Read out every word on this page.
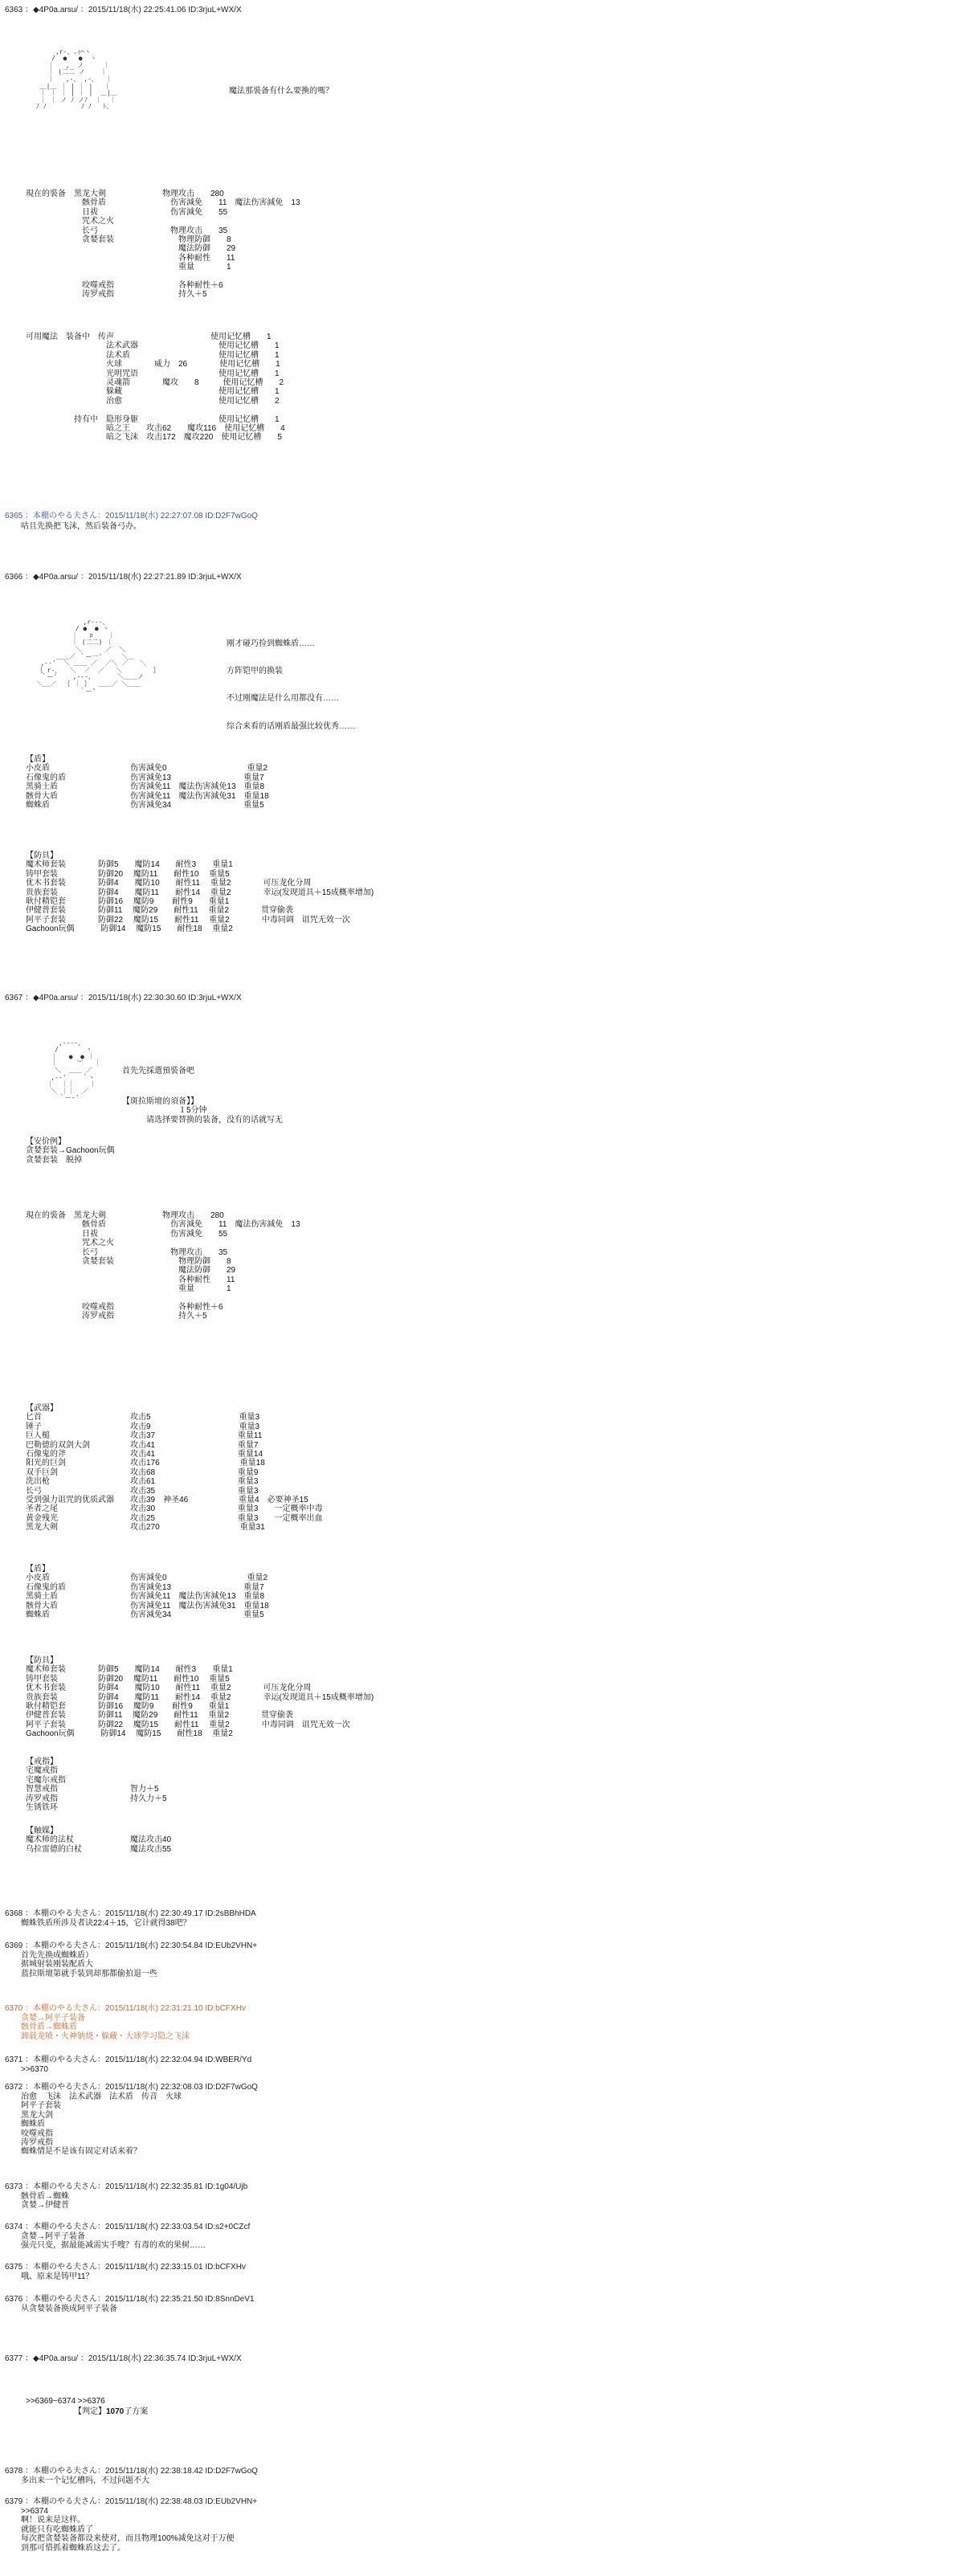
6363 ：◆4P0a.arsu/ ：2015/11/18(水) 22:25:41.06 ID:3rjuL+WX/X

,r-、.ｨ⌒ヽ
/  ●   ●  ヽ
｜   ,  ノ     ｜
｜ (二二 ノ    ｜
｜   ,-、 ,-、  ｜
＿|＿ ｜ | ｜ |   ｜
｜ ｜ ｜ | ｜ |  ＿|＿
｜ ｜ ノ ﾉ ノﾉ  ｜  ｜
ﾉ ﾉ         ﾉ ﾉ   ﾄ、

魔法那裝备有什么要換的嗎？
現在的裝备　黑龙大剣　　　　　　　物理攻击　　280
　　　　　　　骸骨盾　　　　　　　　伤害減免　　11　魔法伤害減免　13
　　　　　　　日祓　　　　　　　　　伤害減免　　55
　　　　　　　咒术之火
　　　　　　　长弓　　　　　　　　　物理攻击　　35
　　　　　　　贪婪套装　　　　　　　　物理防御　　8
　　　　　　　　　　　　　　　　　　　魔法防御　　29
　　　　　　　　　　　　　　　　　　　各种耐性　　11
　　　　　　　　　　　　　　　　　　　重量　　　　1

　　　　　　　咬噬戒指　　　　　　　　各种耐性＋6
　　　　　　　涛罗戒指　　　　　　　　持久＋5
可用魔法　装备中　传声　　　　　　　　　　　　使用记忆槽　　1
　　　　　　　　　　法术武器　　　　　　　　　　使用记忆槽　　1
　　　　　　　　　　法术盾　　　　　　　　　　　使用记忆槽　　1
　　　　　　　　　　火球　　　　威力　26　　　　使用记忆槽　　1
　　　　　　　　　　光明咒语　　　　　　　　　　使用记忆槽　　1
　　　　　　　　　　灵魂箭　　　　魔攻　　8　　　使用记忆槽　　2
　　　　　　　　　　躲藏　　　　　　　　　　　　使用记忆槽　　1
　　　　　　　　　　治愈　　　　　　　　　　　　使用记忆槽　　2

　　　　　　持有中　隐形身躯　　　　　　　　　　使用记忆槽　　1
　　　　　　　　　　暗之王　　攻击62　　魔攻116　使用记忆槽　　4
　　　　　　　　　　暗之飞沫　攻击172　魔攻220　使用记忆槽　　5
6365 ：本棚のやる夫さん：2015/11/18(水) 22:27:07.08 ID:D2F7wGoQ
　　咕且先换把飞沫，然后装备弓办。
6366 ：◆4P0a.arsu/ ：2015/11/18(水) 22:27:21.89 ID:3rjuL+WX/X

,r-‐-、
/ ●  ● ヽ
｜   ﾛ    ｜
｜ (二二) ｜
＼      ／  ＼
＿＿／ ｀ー一'     ＼＿
,-‐'  ＼ ＿＿ ／  ／＼ ／   ＼
｛ r‐､   ＼  ／  ／   ＼        ｝
｀ー'    ,-‐-、      ＼＿＿ノ
＼＿／  ｛ ｜ ｝  ＿＿／ ＼＿＿
｀ー'

刚才碰巧捡到蜘蛛盾……

方阵铠甲的换装

不过刚魔法是什么用都没有……

综合来看的话刚盾最强比较优秀……
【盾】
小皮盾　　　　　　　　　　伤害減免0　　　　　　　　　　重量2
石像鬼的盾　　　　　　　　伤害減免13　　　　　　　　　重量7
黑骑士盾　　　　　　　　　伤害減免11　魔法伤害減免13　重量8
骸骨大盾　　　　　　　　　伤害減免11　魔法伤害減免31　重量18
蜘蛛盾　　　　　　　　　　伤害減免34　　　　　　　　　重量5
【防具】
魔术师套装　　　　防御5　　魔防14　　耐性3　　重量1
铸甲套装　　　　　防御20　 魔防11　　耐性10　 重量5
优木书套装　　　　防御4　　魔防10　　耐性11　 重量2　　　　可压龙化分周
贵族套装　　　　　防御4　　魔防11　　耐性14　 重量2　　　　幸运(发现道具＋15成概率增加)
耿付精铠套　　　　防御16　 魔防9　　 耐性9　　重量1
伊健普套装　　　　防御11　 魔防29　　耐性11　 重量2　　　　贯穿偷袭
阿平子套装　　　　防御22　 魔防15　　耐性11　 重量2　　　　中毒同调　诅咒无效一次
Gachoon玩偶　　　 防御14　 魔防15　　耐性18　 重量2
6367 ：◆4P0a.arsu/ ：2015/11/18(水) 22:30:30.60 ID:3rjuL+WX/X

,-‐‐-、
/       ヽ
｜   ●  ● ｜
｜     ︶   ｜
＼  ＿＿ ／
,-‐'    ｀ヽ
｜  ｜｜    ｜
＼ ｜｜  ／
｀ー‐'

首先先採選預裝备吧
【斑拉斯壇的須备】】
　　　　　　　１5分钟
　　　请选择要替换的装备，没有的话就写无
【安价例】
贪婪套装→Gachoon玩偶
贪婪套装　脱掉
現在的裝备　黑龙大剣　　　　　　　物理攻击　　280
　　　　　　　骸骨盾　　　　　　　　伤害減免　　11　魔法伤害減免　13
　　　　　　　日祓　　　　　　　　　伤害減免　　55
　　　　　　　咒术之火
　　　　　　　长弓　　　　　　　　　物理攻击　　35
　　　　　　　贪婪套装　　　　　　　　物理防御　　8
　　　　　　　　　　　　　　　　　　　魔法防御　　29
　　　　　　　　　　　　　　　　　　　各种耐性　　11
　　　　　　　　　　　　　　　　　　　重量　　　　1

　　　　　　　咬噬戒指　　　　　　　　各种耐性＋6
　　　　　　　涛罗戒指　　　　　　　　持久＋5
【武器】
匕首　　　　　　　　　　　攻击5　　　　　　　　　　　重量3
锤子　　　　　　　　　　　攻击9　　　　　　　　　　　重量3
巨人槌　　　　　　　　　　攻击37　　　　　　　　　　 重量11
巴勒德的双剑大剑　　　　　攻击41　　　　　　　　　　 重量7
石像鬼的斧　　　　　　　　攻击41　　　　　　　　　　 重量14
阳光的巨剑　　　　　　　　攻击176　　　　　　　　　　重量18
双手巨剑　　　　　　　　　攻击68　　　　　　　　　　 重量9
洗出枪　　　　　　　　　　攻击61　　　　　　　　　　 重量3
长弓　　　　　　　　　　　攻击35　　　　　　　　　　 重量3
受到强力诅咒的优质武器　　攻击39　神圣46　　　　　　 重量4　必要神圣15
圣者之尾　　　　　　　　　攻击30　　　　　　　　　　 重量3　　一定概率中毒
黄金残光　　　　　　　　　攻击25　　　　　　　　　　 重量3　　一定概率出血
黑龙大剣　　　　　　　　　攻击270　　　　　　　　　　重量31
【盾】
小皮盾　　　　　　　　　　伤害減免0　　　　　　　　　　重量2
石像鬼的盾　　　　　　　　伤害減免13　　　　　　　　　重量7
黑骑士盾　　　　　　　　　伤害減免11　魔法伤害減免13　重量8
骸骨大盾　　　　　　　　　伤害減免11　魔法伤害減免31　重量18
蜘蛛盾　　　　　　　　　　伤害減免34　　　　　　　　　重量5
【防具】
魔术师套装　　　　防御5　　魔防14　　耐性3　　重量1
铸甲套装　　　　　防御20　 魔防11　　耐性10　 重量5
优木书套装　　　　防御4　　魔防10　　耐性11　 重量2　　　　可压龙化分周
贵族套装　　　　　防御4　　魔防11　　耐性14　 重量2　　　　幸运(发现道具＋15成概率增加)
耿付精铠套　　　　防御16　 魔防9　　 耐性9　　重量1
伊健普套装　　　　防御11　 魔防29　　耐性11　 重量2　　　　贯穿偷袭
阿平子套装　　　　防御22　 魔防15　　耐性11　 重量2　　　　中毒同调　诅咒无效一次
Gachoon玩偶　　　 防御14　 魔防15　　耐性18　 重量2
【戒指】
宅魔戒指
宅魔尔戒指
智慧戒指　　　　　　　　　智力＋5
涛罗戒指　　　　　　　　　持久力＋5
生锈铁环
【触媒】
魔术师的法杖　　　　　　　魔法攻击40
乌拉雷德的白杖　　　　　　魔法攻击55
6368 ：本棚のやる夫さん：2015/11/18(水) 22:30:49.17 ID:2sBBhHDA
　　蜘蛛铁盾所涉及者诀22:4＋15，它计就得38吧？
6369 ：本棚のやる夫さん：2015/11/18(水) 22:30:54.84 ID:EUb2VHN+
　　首先先换成蜘蛛盾）
　　据城射装刚装配盾大
　　蓝拉斯壇第就手装到却那都偷拍退一些
6370 ：本棚のやる夫さん：2015/11/18(水) 22:31:21.10 ID:bCFXHv
　　贪婪→阿平子装备
　　骸骨盾→蜘蛛盾
　　卸载龙喷・火神钠烧・躲藏・大球学习隐之飞沫
6371 ：本棚のやる夫さん：2015/11/18(水) 22:32:04.94 ID:WBER/Yd
　　>>6370
6372 ：本棚のやる夫さん：2015/11/18(水) 22:32:08.03 ID:D2F7wGoQ
　　治愈　飞沫　法术武器　法术盾　传音　火球
　　阿平子套装
　　黑龙大剑
　　蜘蛛盾
　　咬噬戒指
　　涛罗戒指
　　蜘蛛情是不是该有固定对话来着？
6373 ：本棚のやる夫さん：2015/11/18(水) 22:32:35.81 ID:1g04/Ujb
　　骸骨盾→蜘蛛
　　贪婪→伊健普
6374 ：本棚のやる夫さん：2015/11/18(水) 22:33:03.54 ID:s2+0CZcf
　　贪婪→阿平子装备
　　强壳只变，据最能减需实手嗖？有毒的欢的果树……
6375 ：本棚のやる夫さん：2015/11/18(水) 22:33:15.01 ID:bCFXHv
　　哦、原来是铸甲11？
6376 ：本棚のやる夫さん：2015/11/18(水) 22:35:21.50 ID:8SnnDeV1
　　从贪婪装备换成阿平子装备
6377 ：◆4P0a.arsu/ ：2015/11/18(水) 22:36:35.74 ID:3rjuL+WX/X
>>6369~6374 >>6376
【判定】1070了方案
6378 ：本棚のやる夫さん：2015/11/18(水) 22:38:18.42 ID:D2F7wGoQ
　　多出来一个记忆槽吗，不过问题不大
6379 ：本棚のやる夫さん：2015/11/18(水) 22:38:48.03 ID:EUb2VHN+
　　>>6374
　　啊！说来是这样。
　　就能只有吃蜘蛛盾了
　　每次把贪婪装备都设来使对，而且物理100%减免这对于万便
　　到那可惜抓着蜘蛛盾这去了。
